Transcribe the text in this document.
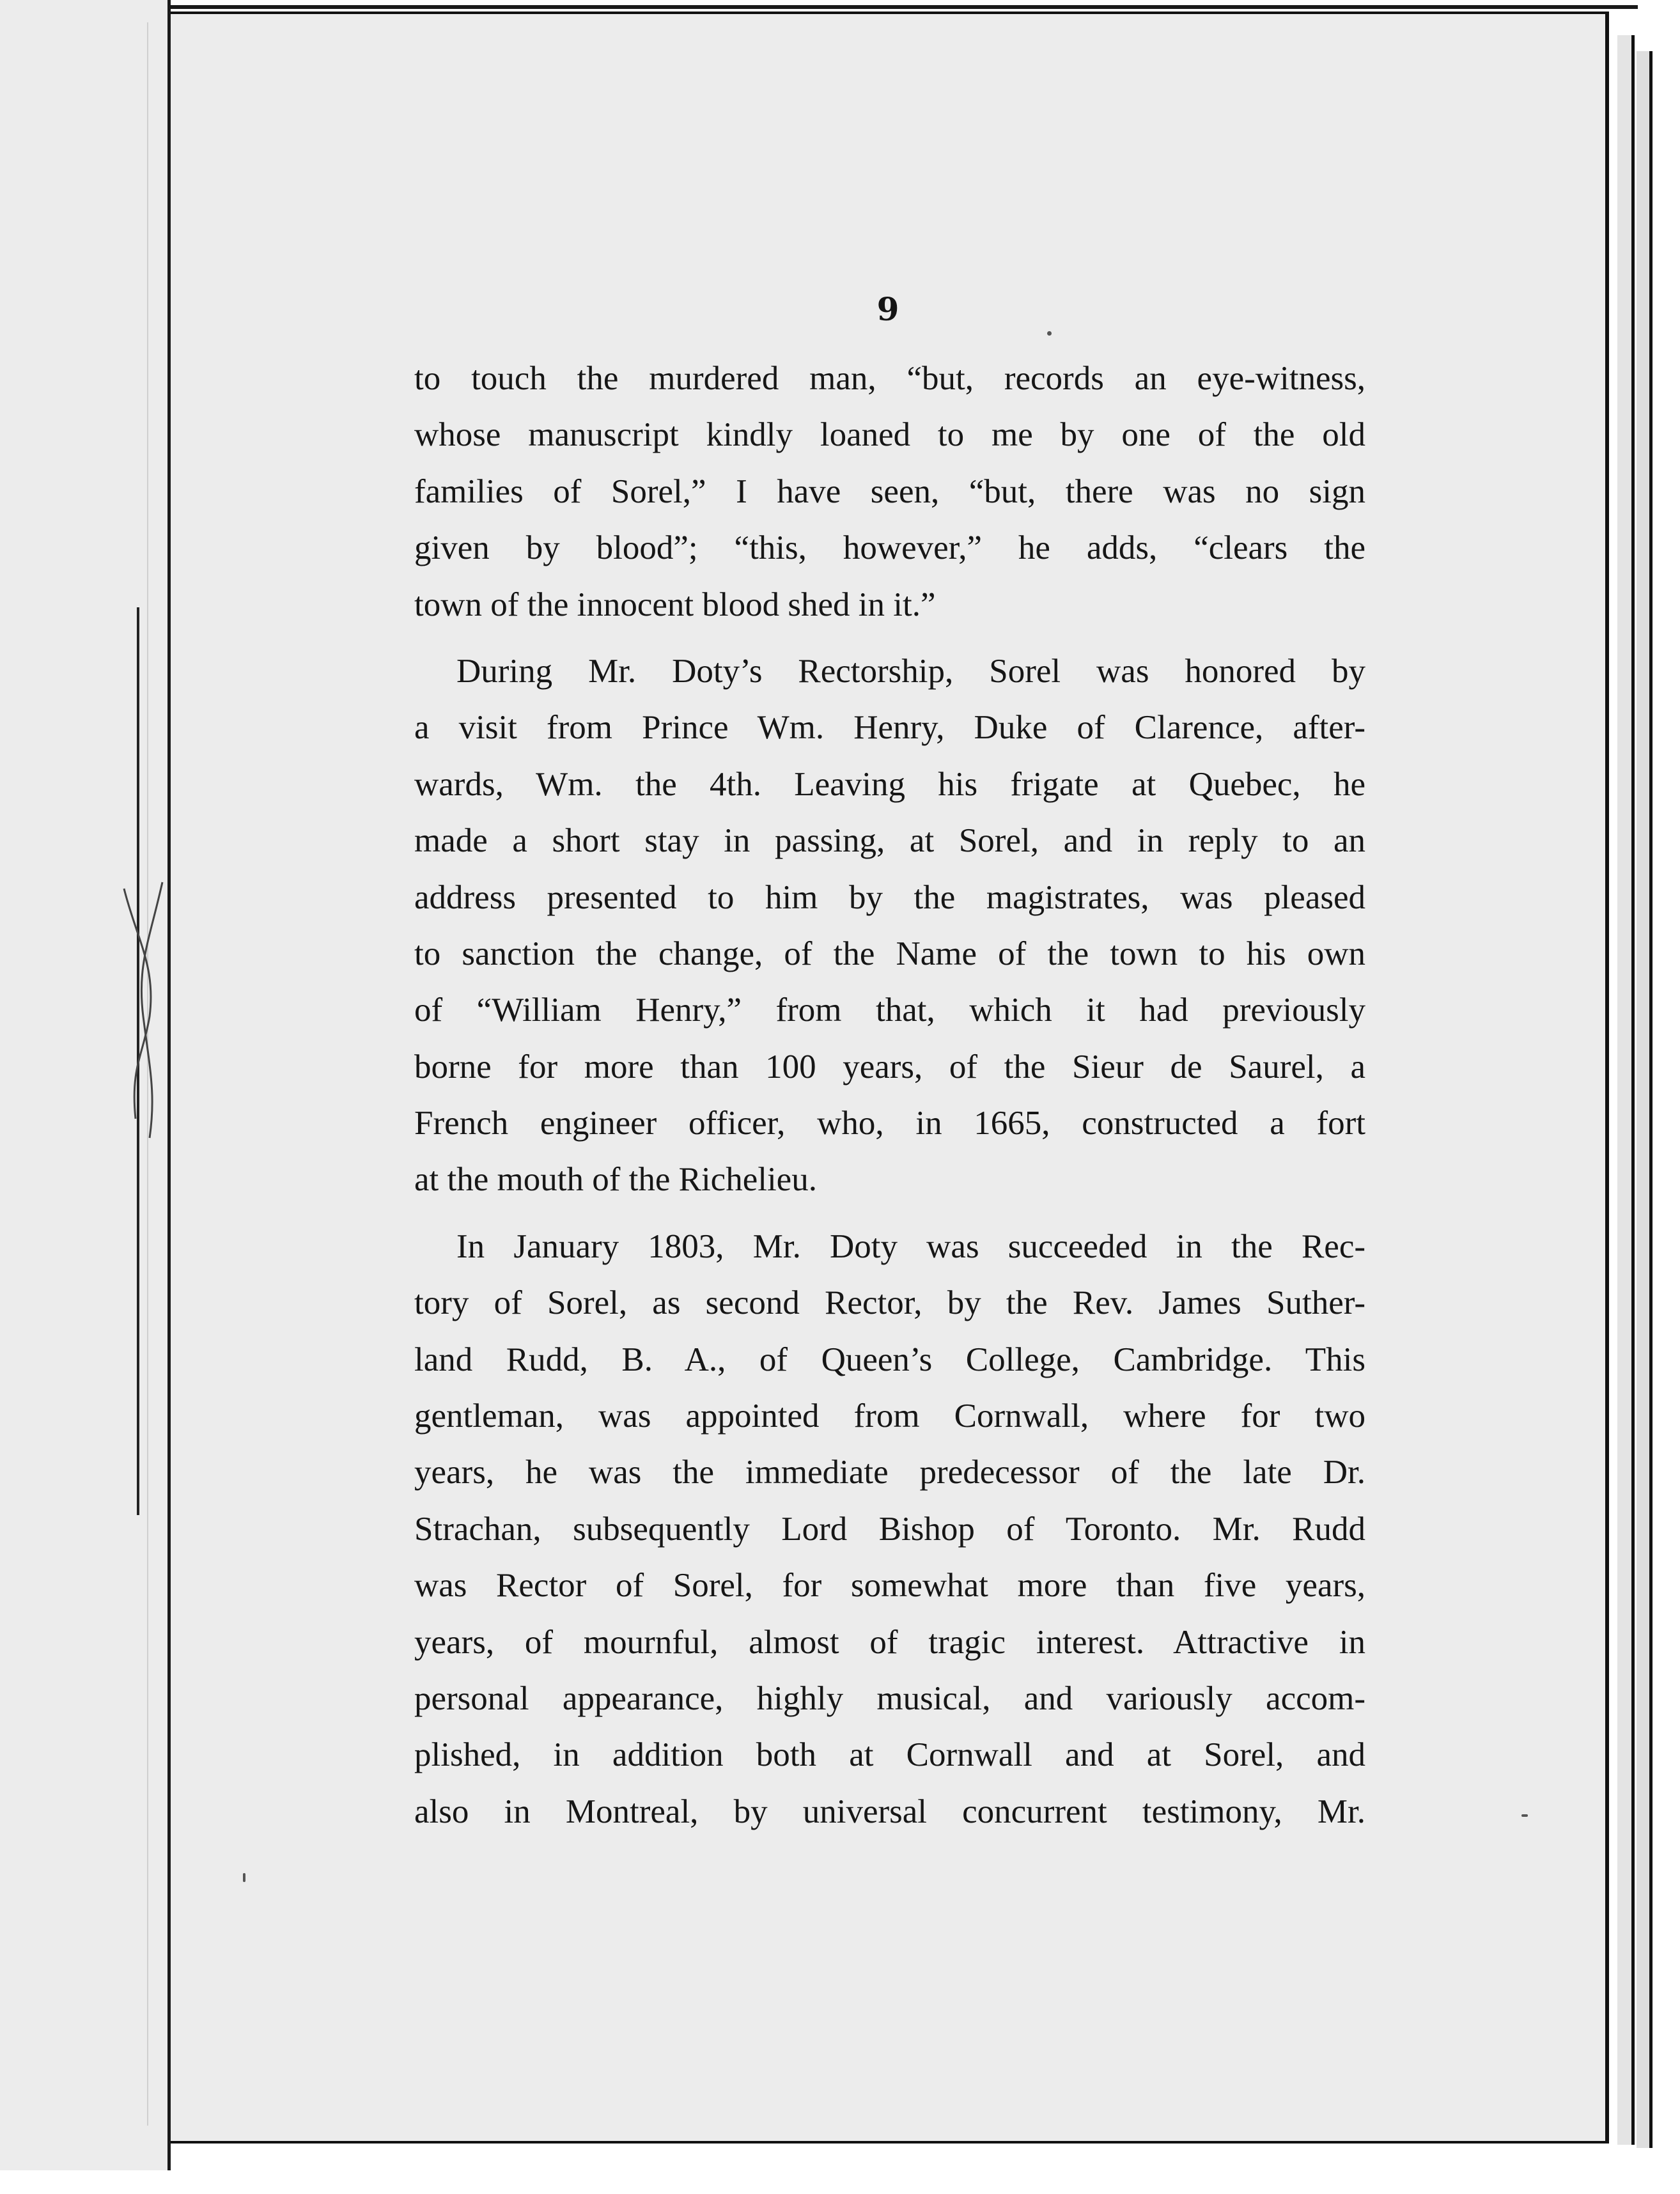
9
to touch the murdered man, “but, records an eye-witness,
whose manuscript kindly loaned to me by one of the old
families of Sorel,” I have seen, “but, there was no sign
given by blood”; “this, however,” he adds, “clears the
town of the innocent blood shed in it.”
During Mr. Doty’s Rectorship, Sorel was honored by
a visit from Prince Wm. Henry, Duke of Clarence, after-
wards, Wm. the 4th. Leaving his frigate at Quebec, he
made a short stay in passing, at Sorel, and in reply to an
address presented to him by the magistrates, was pleased
to sanction the change, of the Name of the town to his own
of “William Henry,” from that, which it had previously
borne for more than 100 years, of the Sieur de Saurel, a
French engineer officer, who, in 1665, constructed a fort
at the mouth of the Richelieu.
In January 1803, Mr. Doty was succeeded in the Rec-
tory of Sorel, as second Rector, by the Rev. James Suther-
land Rudd, B. A., of Queen’s College, Cambridge. This
gentleman, was appointed from Cornwall, where for two
years, he was the immediate predecessor of the late Dr.
Strachan, subsequently Lord Bishop of Toronto. Mr. Rudd
was Rector of Sorel, for somewhat more than five years,
years, of mournful, almost of tragic interest. Attractive in
personal appearance, highly musical, and variously accom-
plished, in addition both at Cornwall and at Sorel, and
also in Montreal, by universal concurrent testimony, Mr.
